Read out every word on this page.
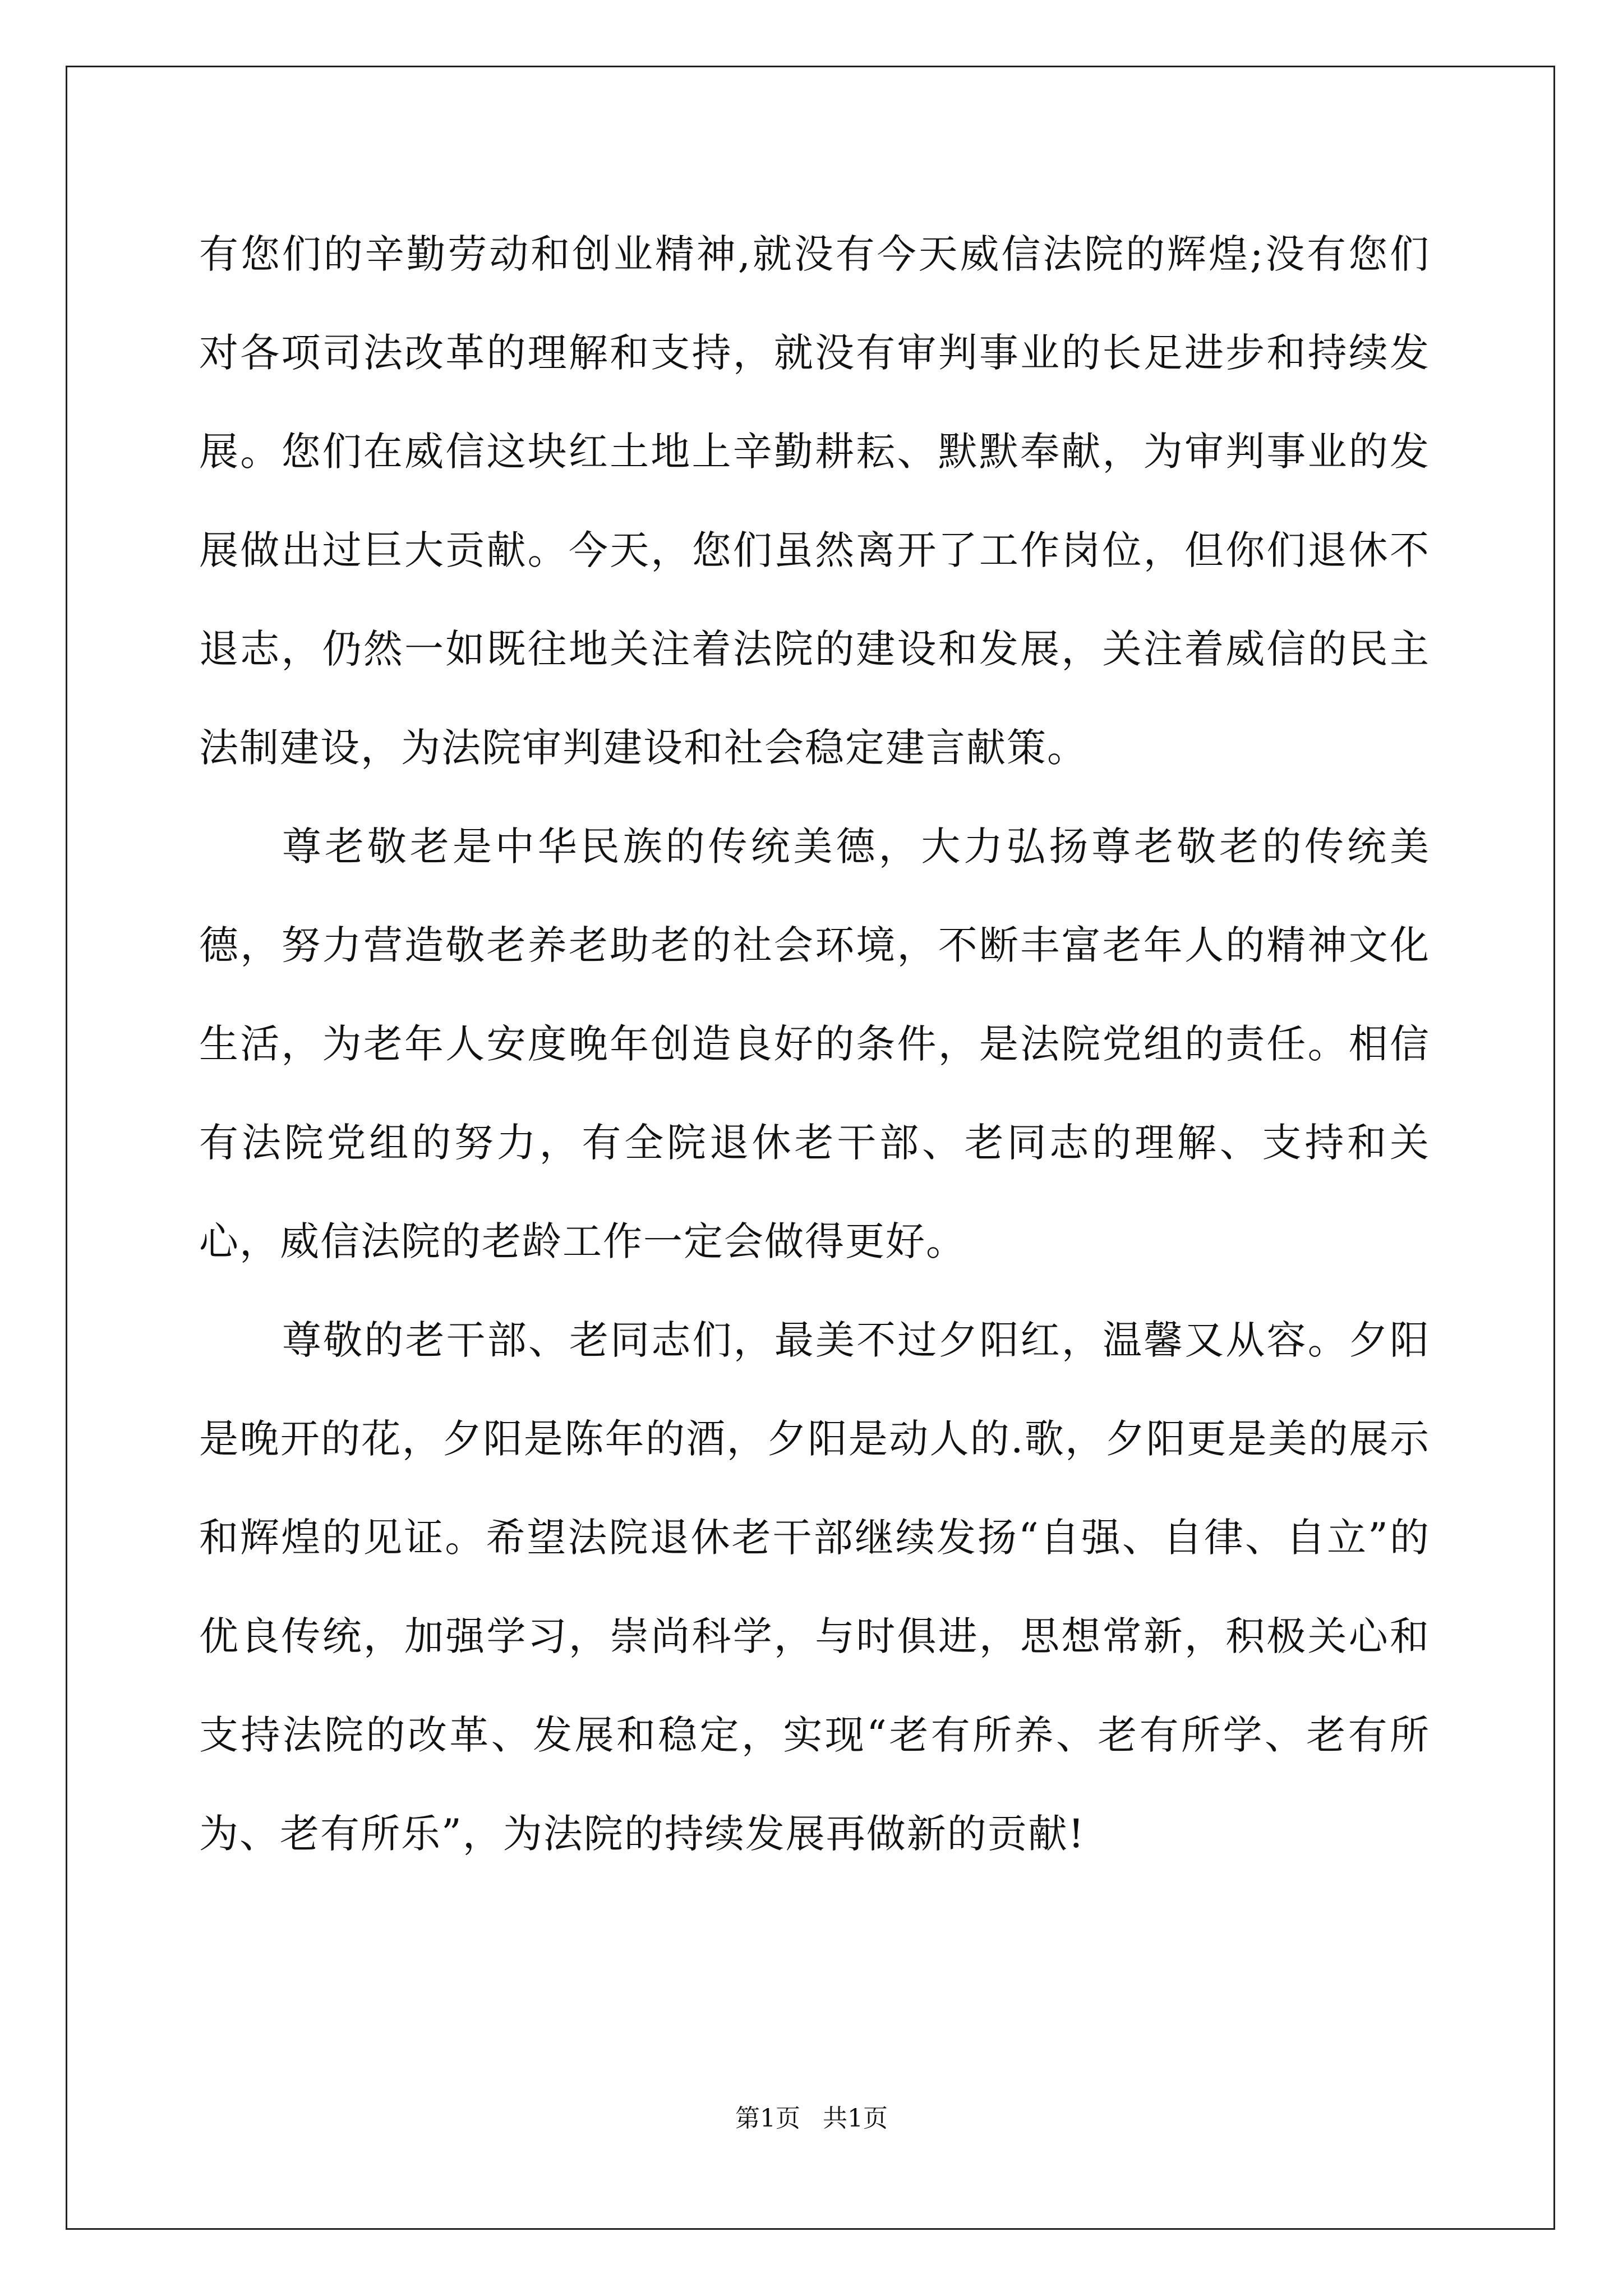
有您们的辛勤劳动和创业精神,就没有今天威信法院的辉煌;没有您们对各项司法改革的理解和支持，就没有审判事业的长足进步和持续发展。您们在威信这块红土地上辛勤耕耘、默默奉献，为审判事业的发展做出过巨大贡献。今天，您们虽然离开了工作岗位，但你们退休不退志，仍然一如既往地关注着法院的建设和发展，关注着威信的民主法制建设，为法院审判建设和社会稳定建言献策。

尊老敬老是中华民族的传统美德，大力弘扬尊老敬老的传统美德，努力营造敬老养老助老的社会环境，不断丰富老年人的精神文化生活，为老年人安度晚年创造良好的条件，是法院党组的责任。相信有法院党组的努力，有全院退休老干部、老同志的理解、支持和关心，威信法院的老龄工作一定会做得更好。

尊敬的老干部、老同志们，最美不过夕阳红，温馨又从容。夕阳是晚开的花，夕阳是陈年的酒，夕阳是动人的.歌，夕阳更是美的展示和辉煌的见证。希望法院退休老干部继续发扬“自强、自律、自立”的优良传统，加强学习，崇尚科学，与时俱进，思想常新，积极关心和支持法院的改革、发展和稳定，实现“老有所养、老有所学、老有所为、老有所乐”，为法院的持续发展再做新的贡献!

第1页 共1页
